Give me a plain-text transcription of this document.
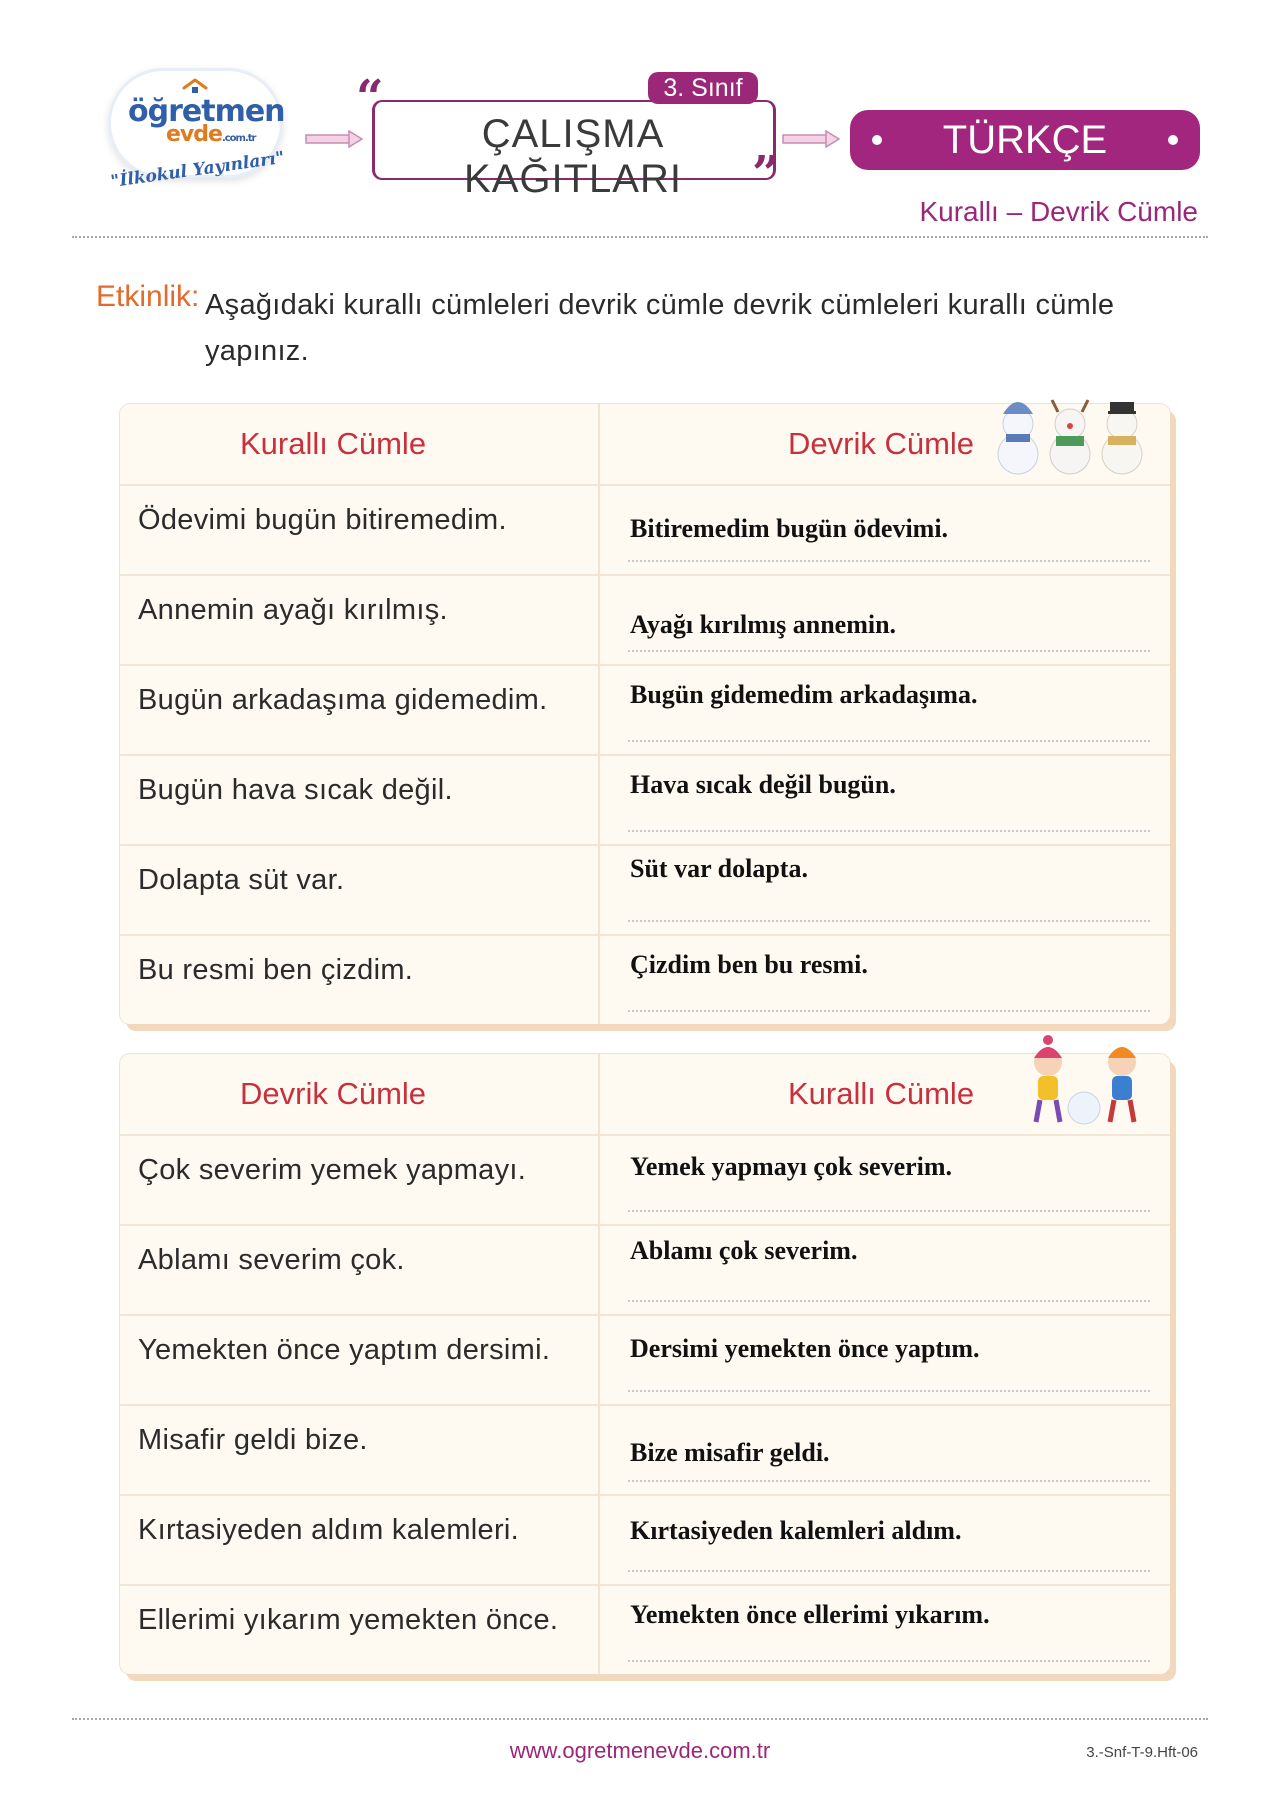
öğretmen
evde.com.tr
"İlkokul Yayınları"
3. Sınıf
“
ÇALIŞMA KAĞITLARI	”
TÜRKÇE
Kurallı – Devrik Cümle
Etkinlik: Aşağıdaki kurallı cümleleri devrik cümle devrik cümleleri kurallı cümle yapınız.
Kurallı Cümle	Devrik Cümle
Ödevimi bugün bitiremedim.	Bitiremedim bugün ödevimi.
Annemin ayağı kırılmış.	Ayağı kırılmış annemin.
Bugün arkadaşıma gidemedim.	Bugün gidemedim arkadaşıma.
Bugün hava sıcak değil.	Hava sıcak değil bugün.
Dolapta süt var.	Süt var dolapta.
Bu resmi ben çizdim.	Çizdim ben bu resmi.
Devrik Cümle	Kurallı Cümle
Çok severim yemek yapmayı.	Yemek yapmayı çok severim.
Ablamı severim çok.	Ablamı çok severim.
Yemekten önce yaptım dersimi.	Dersimi yemekten önce yaptım.
Misafir geldi bize.	Bize misafir geldi.
Kırtasiyeden aldım kalemleri.	Kırtasiyeden kalemleri aldım.
Ellerimi yıkarım yemekten önce.	Yemekten önce ellerimi yıkarım.
www.ogretmenevde.com.tr	3.-Snf-T-9.Hft-06
